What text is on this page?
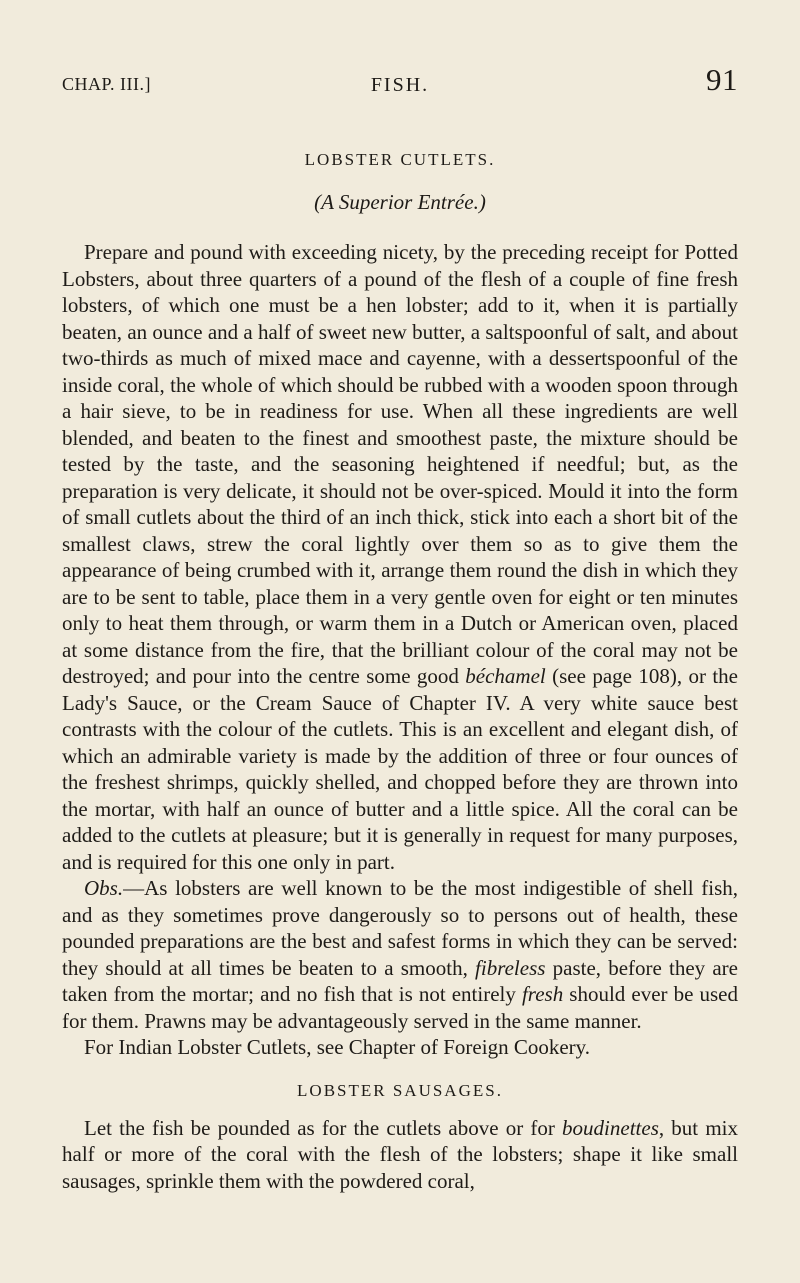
CHAP. III.]	FISH.	91
LOBSTER CUTLETS.
(A Superior Entrée.)

Prepare and pound with exceeding nicety, by the preceding receipt for Potted Lobsters, about three quarters of a pound of the flesh of a couple of fine fresh lobsters, of which one must be a hen lobster; add to it, when it is partially beaten, an ounce and a half of sweet new butter, a saltspoonful of salt, and about two-thirds as much of mixed mace and cayenne, with a dessertspoonful of the inside coral, the whole of which should be rubbed with a wooden spoon through a hair sieve, to be in readiness for use. When all these ingredients are well blended, and beaten to the finest and smoothest paste, the mixture should be tested by the taste, and the seasoning heightened if needful; but, as the preparation is very delicate, it should not be over-spiced. Mould it into the form of small cutlets about the third of an inch thick, stick into each a short bit of the smallest claws, strew the coral lightly over them so as to give them the appearance of being crumbed with it, arrange them round the dish in which they are to be sent to table, place them in a very gentle oven for eight or ten minutes only to heat them through, or warm them in a Dutch or American oven, placed at some distance from the fire, that the brilliant colour of the coral may not be destroyed; and pour into the centre some good béchamel (see page 108), or the Lady's Sauce, or the Cream Sauce of Chapter IV. A very white sauce best contrasts with the colour of the cutlets. This is an excellent and elegant dish, of which an admirable variety is made by the addition of three or four ounces of the freshest shrimps, quickly shelled, and chopped before they are thrown into the mortar, with half an ounce of butter and a little spice. All the coral can be added to the cutlets at pleasure; but it is generally in request for many purposes, and is required for this one only in part.

Obs.—As lobsters are well known to be the most indigestible of shell fish, and as they sometimes prove dangerously so to persons out of health, these pounded preparations are the best and safest forms in which they can be served: they should at all times be beaten to a smooth, fibreless paste, before they are taken from the mortar; and no fish that is not entirely fresh should ever be used for them. Prawns may be advantageously served in the same manner.

For Indian Lobster Cutlets, see Chapter of Foreign Cookery.

LOBSTER SAUSAGES.

Let the fish be pounded as for the cutlets above or for boudinettes, but mix half or more of the coral with the flesh of the lobsters; shape it like small sausages, sprinkle them with the powdered coral,
